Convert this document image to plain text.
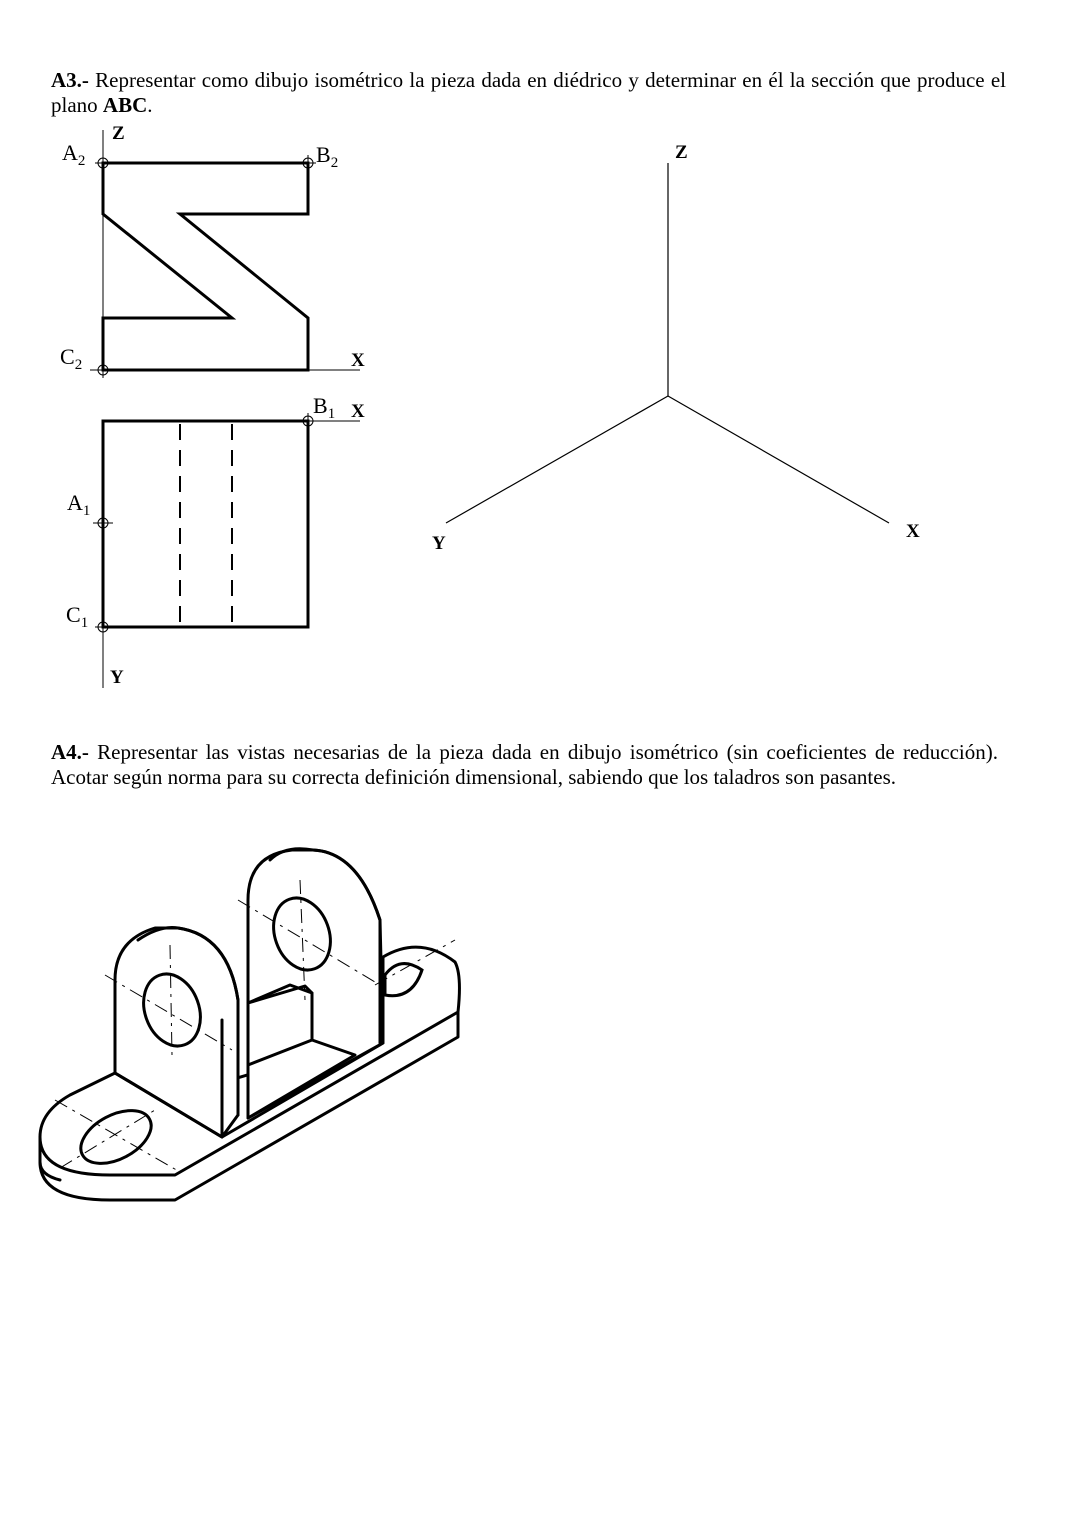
A3.- Representar como dibujo isométrico la pieza dada en diédrico y determinar en él la sección que produce el plano ABC.

Z
X
$A_2$	$B_2$
$C_2$
X
Y
$B_1$
$A_1$
$C_1$
Z
Y
X

A4.- Representar las vistas necesarias de la pieza dada en dibujo isométrico (sin coeficientes de reducción). Acotar según norma para su correcta definición dimensional, sabiendo que los taladros son pasantes.
